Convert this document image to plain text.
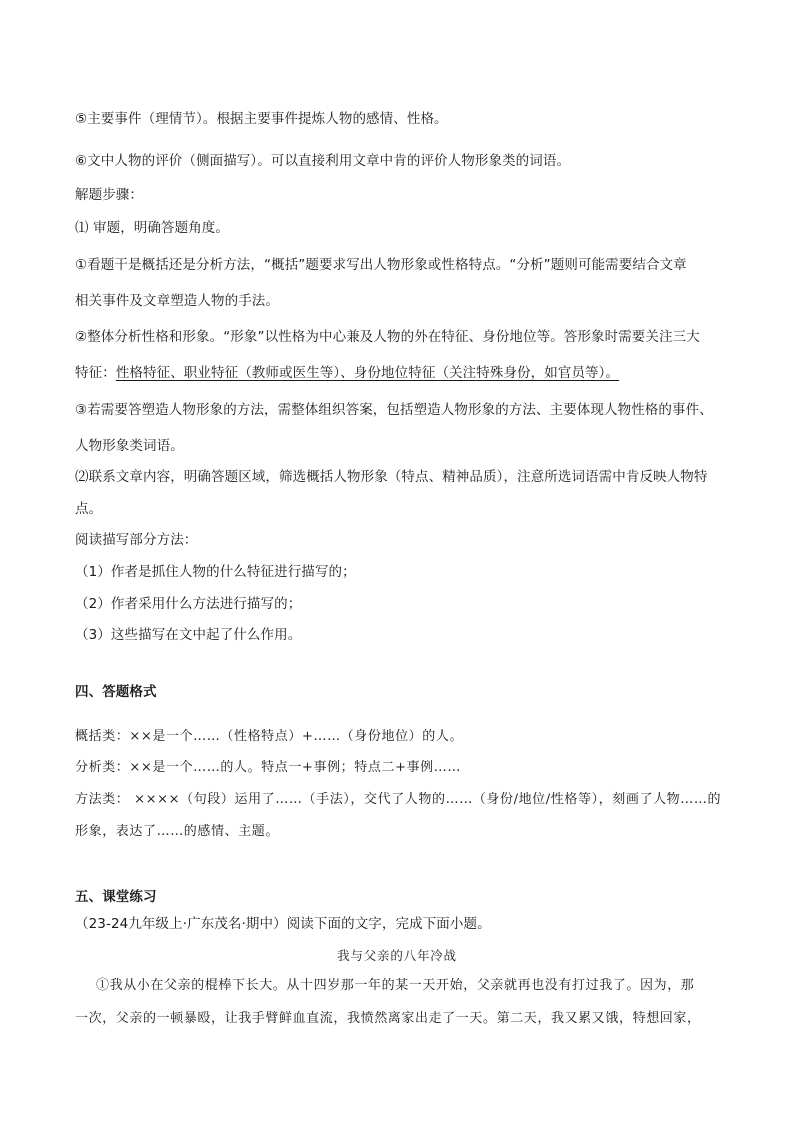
⑤主要事件（理情节）。根据主要事件提炼人物的感情、性格。
⑥文中人物的评价（侧面描写）。可以直接利用文章中肯的评价人物形象类的词语。
解题步骤：
⑴ 审题，明确答题角度。
①看题干是概括还是分析方法，“概括”题要求写出人物形象或性格特点。“分析”题则可能需要结合文章
相关事件及文章塑造人物的手法。
②整体分析性格和形象。“形象”以性格为中心兼及人物的外在特征、身份地位等。答形象时需要关注三大
特征：性格特征、职业特征（教师或医生等）、身份地位特征（关注特殊身份，如官员等）。
③若需要答塑造人物形象的方法，需整体组织答案，包括塑造人物形象的方法、主要体现人物性格的事件、
人物形象类词语。
⑵联系文章内容，明确答题区域，筛选概括人物形象（特点、精神品质），注意所选词语需中肯反映人物特
点。
阅读描写部分方法：
（1）作者是抓住人物的什么特征进行描写的；
（2）作者采用什么方法进行描写的；
（3）这些描写在文中起了什么作用。
四、答题格式
概括类：××是一个……（性格特点）+……（身份地位）的人。
分析类：××是一个……的人。特点一+事例；特点二+事例……
方法类： ××××（句段）运用了……（手法），交代了人物的……（身份/地位/性格等），刻画了人物……的
形象，表达了……的感情、主题。
五、课堂练习
（23-24九年级上·广东茂名·期中）阅读下面的文字，完成下面小题。
我与父亲的八年冷战
①我从小在父亲的棍棒下长大。从十四岁那一年的某一天开始，父亲就再也没有打过我了。因为，那
一次，父亲的一顿暴殴，让我手臂鲜血直流，我愤然离家出走了一天。第二天，我又累又饿，特想回家，
